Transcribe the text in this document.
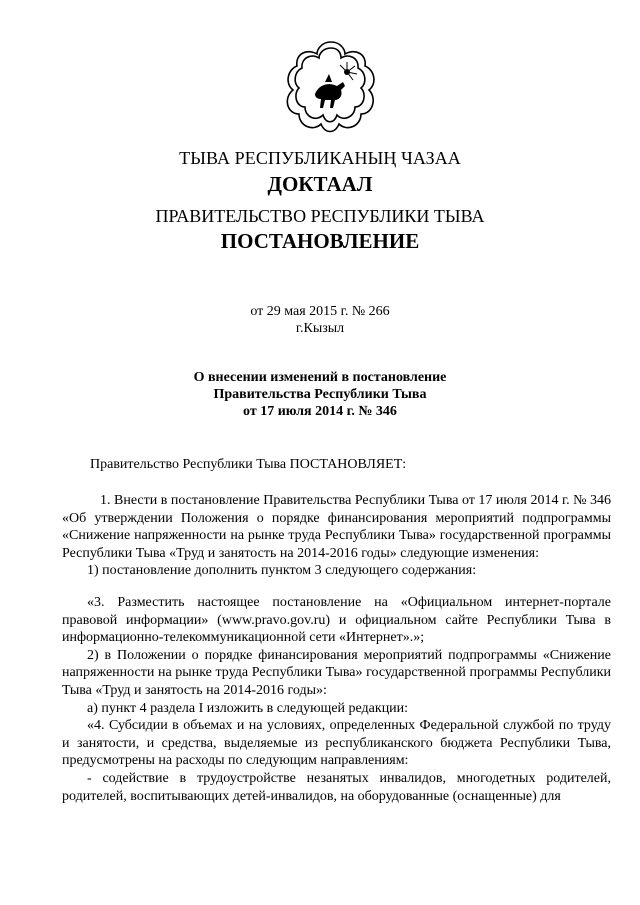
ТЫВА РЕСПУБЛИКАНЫҢ ЧАЗАА
ДОКТААЛ
ПРАВИТЕЛЬСТВО РЕСПУБЛИКИ ТЫВА
ПОСТАНОВЛЕНИЕ
от 29 мая 2015 г. № 266
г.Кызыл
О внесении изменений в постановление
Правительства Республики Тыва
от 17 июля 2014 г. № 346
Правительство Республики Тыва ПОСТАНОВЛЯЕТ:

1. Внести в постановление Правительства Республики Тыва от 17 июля 2014 г. № 346 «Об утверждении Положения о порядке финансирования мероприятий подпрограммы «Снижение напряженности на рынке труда Республики Тыва» государственной программы Республики Тыва «Труд и занятость на 2014-2016 годы» следующие изменения:

1) постановление дополнить пунктом 3 следующего содержания:

«3. Разместить настоящее постановление на «Официальном интернет-портале правовой информации» (www.pravo.gov.ru) и официальном сайте Республики Тыва в информационно-телекоммуникационной сети «Интернет».»;

2) в Положении о порядке финансирования мероприятий подпрограммы «Снижение напряженности на рынке труда Республики Тыва» государственной программы Республики Тыва «Труд и занятость на 2014-2016 годы»:

а) пункт 4 раздела I изложить в следующей редакции:

«4. Субсидии в объемах и на условиях, определенных Федеральной службой по труду и занятости, и средства, выделяемые из республиканского бюджета Республики Тыва, предусмотрены на расходы по следующим направлениям:

- содействие в трудоустройстве незанятых инвалидов, многодетных родителей, родителей, воспитывающих детей-инвалидов, на оборудованные (оснащенные) для
